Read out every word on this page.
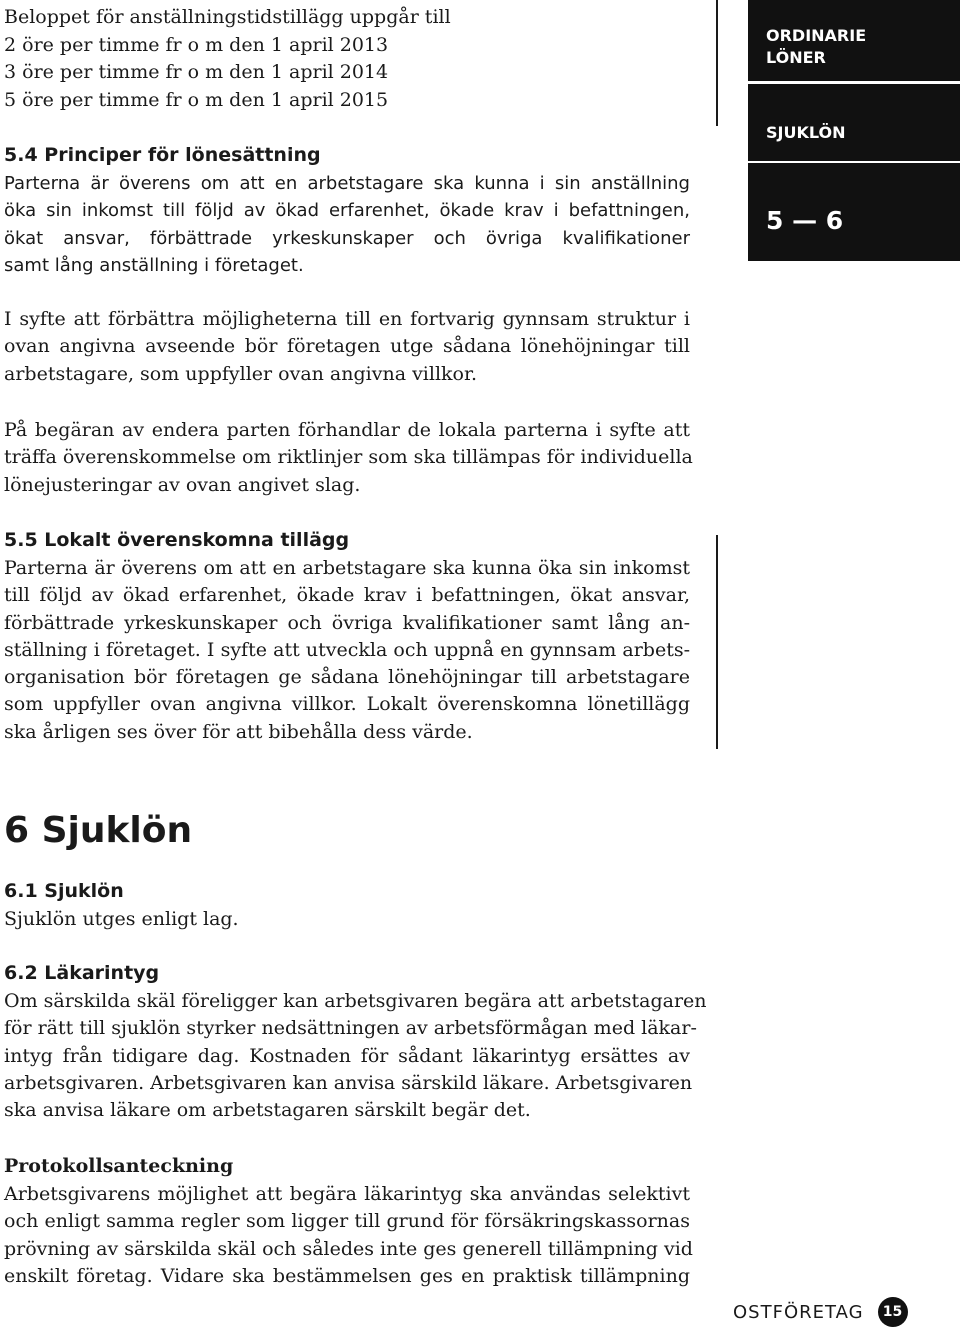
Beloppet för anställningstidstillägg uppgår till
2 öre per timme fr o m den 1 april 2013
3 öre per timme fr o m den 1 april 2014
5 öre per timme fr o m den 1 april 2015
5.4 Principer för lönesättning
Parterna är överens om att en arbetstagare ska kunna i sin anställning
öka sin inkomst till följd av ökad erfarenhet, ökade krav i befattningen,
ökat ansvar, förbättrade yrkeskunskaper och övriga kvalifikationer
samt lång anställning i företaget.
I syfte att förbättra möjligheterna till en fortvarig gynnsam struktur i
ovan angivna avseende bör företagen utge sådana lönehöjningar till
arbetstagare, som uppfyller ovan angivna villkor.
På begäran av endera parten förhandlar de lokala parterna i syfte att
träffa överenskommelse om riktlinjer som ska tillämpas för individuella
lönejusteringar av ovan angivet slag.
5.5 Lokalt överenskomna tillägg
Parterna är överens om att en arbetstagare ska kunna öka sin inkomst
till följd av ökad erfarenhet, ökade krav i befattningen, ökat ansvar,
förbättrade yrkeskunskaper och övriga kvalifikationer samt lång an-
ställning i företaget. I syfte att utveckla och uppnå en gynnsam arbets-
organisation bör företagen ge sådana lönehöjningar till arbetstagare
som uppfyller ovan angivna villkor. Lokalt överenskomna lönetillägg
ska årligen ses över för att bibehålla dess värde.
6 Sjuklön
6.1 Sjuklön
Sjuklön utges enligt lag.
6.2 Läkarintyg
Om särskilda skäl föreligger kan arbetsgivaren begära att arbetstagaren
för rätt till sjuklön styrker nedsättningen av arbetsförmågan med läkar-
intyg från tidigare dag. Kostnaden för sådant läkarintyg ersättes av
arbetsgivaren. Arbetsgivaren kan anvisa särskild läkare. Arbetsgivaren
ska anvisa läkare om arbetstagaren särskilt begär det.
Protokollsanteckning
Arbetsgivarens möjlighet att begära läkarintyg ska användas selektivt
och enligt samma regler som ligger till grund för försäkringskassornas
prövning av särskilda skäl och således inte ges generell tillämpning vid
enskilt företag. Vidare ska bestämmelsen ges en praktisk tillämpning
ORDINARIE
LÖNER
SJUKLÖN
5 — 6
OSTFÖRETAG	15
